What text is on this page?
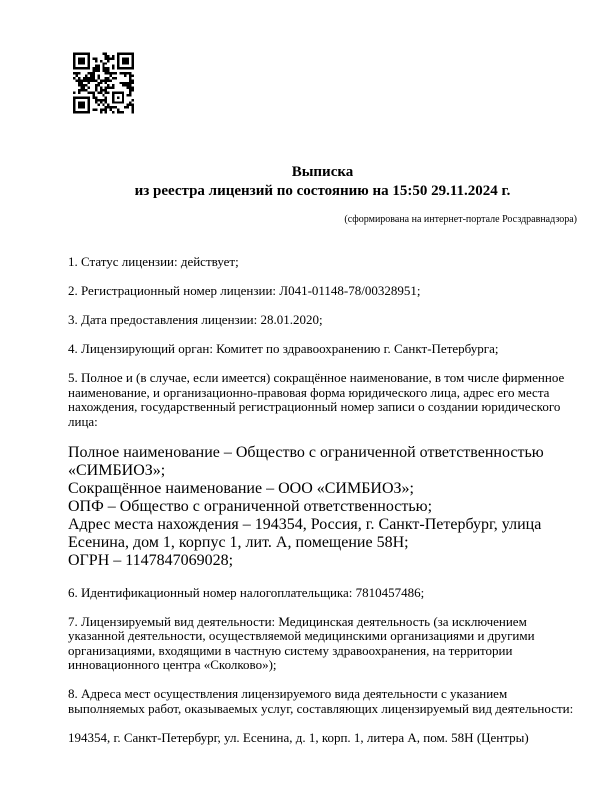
Выписка
из реестра лицензий по состоянию на 15:50 29.11.2024 г.
(сформирована на интернет-портале Росздравнадзора)

1. Статус лицензии: действует;

2. Регистрационный номер лицензии: Л041-01148-78/00328951;

3. Дата предоставления лицензии: 28.01.2020;

4. Лицензирующий орган: Комитет по здравоохранению г. Санкт-Петербурга;

5. Полное и (в случае, если имеется) сокращённое наименование, в том числе фирменное наименование, и организационно-правовая форма юридического лица, адрес его места нахождения, государственный регистрационный номер записи о создании юридического лица:

Полное наименование – Общество с ограниченной ответственностью «СИМБИОЗ»;
Сокращённое наименование – ООО «СИМБИОЗ»;
ОПФ – Общество с ограниченной ответственностью;
Адрес места нахождения – 194354, Россия, г. Санкт-Петербург, улица Есенина, дом 1, корпус 1, лит. А, помещение 58Н;
ОГРН – 1147847069028;

6. Идентификационный номер налогоплательщика: 7810457486;

7. Лицензируемый вид деятельности: Медицинская деятельность (за исключением указанной деятельности, осуществляемой медицинскими организациями и другими организациями, входящими в частную систему здравоохранения, на территории инновационного центра «Сколково»);

8. Адреса мест осуществления лицензируемого вида деятельности с указанием выполняемых работ, оказываемых услуг, составляющих лицензируемый вид деятельности:

194354, г. Санкт-Петербург, ул. Есенина, д. 1, корп. 1, литера А, пом. 58Н (Центры)
